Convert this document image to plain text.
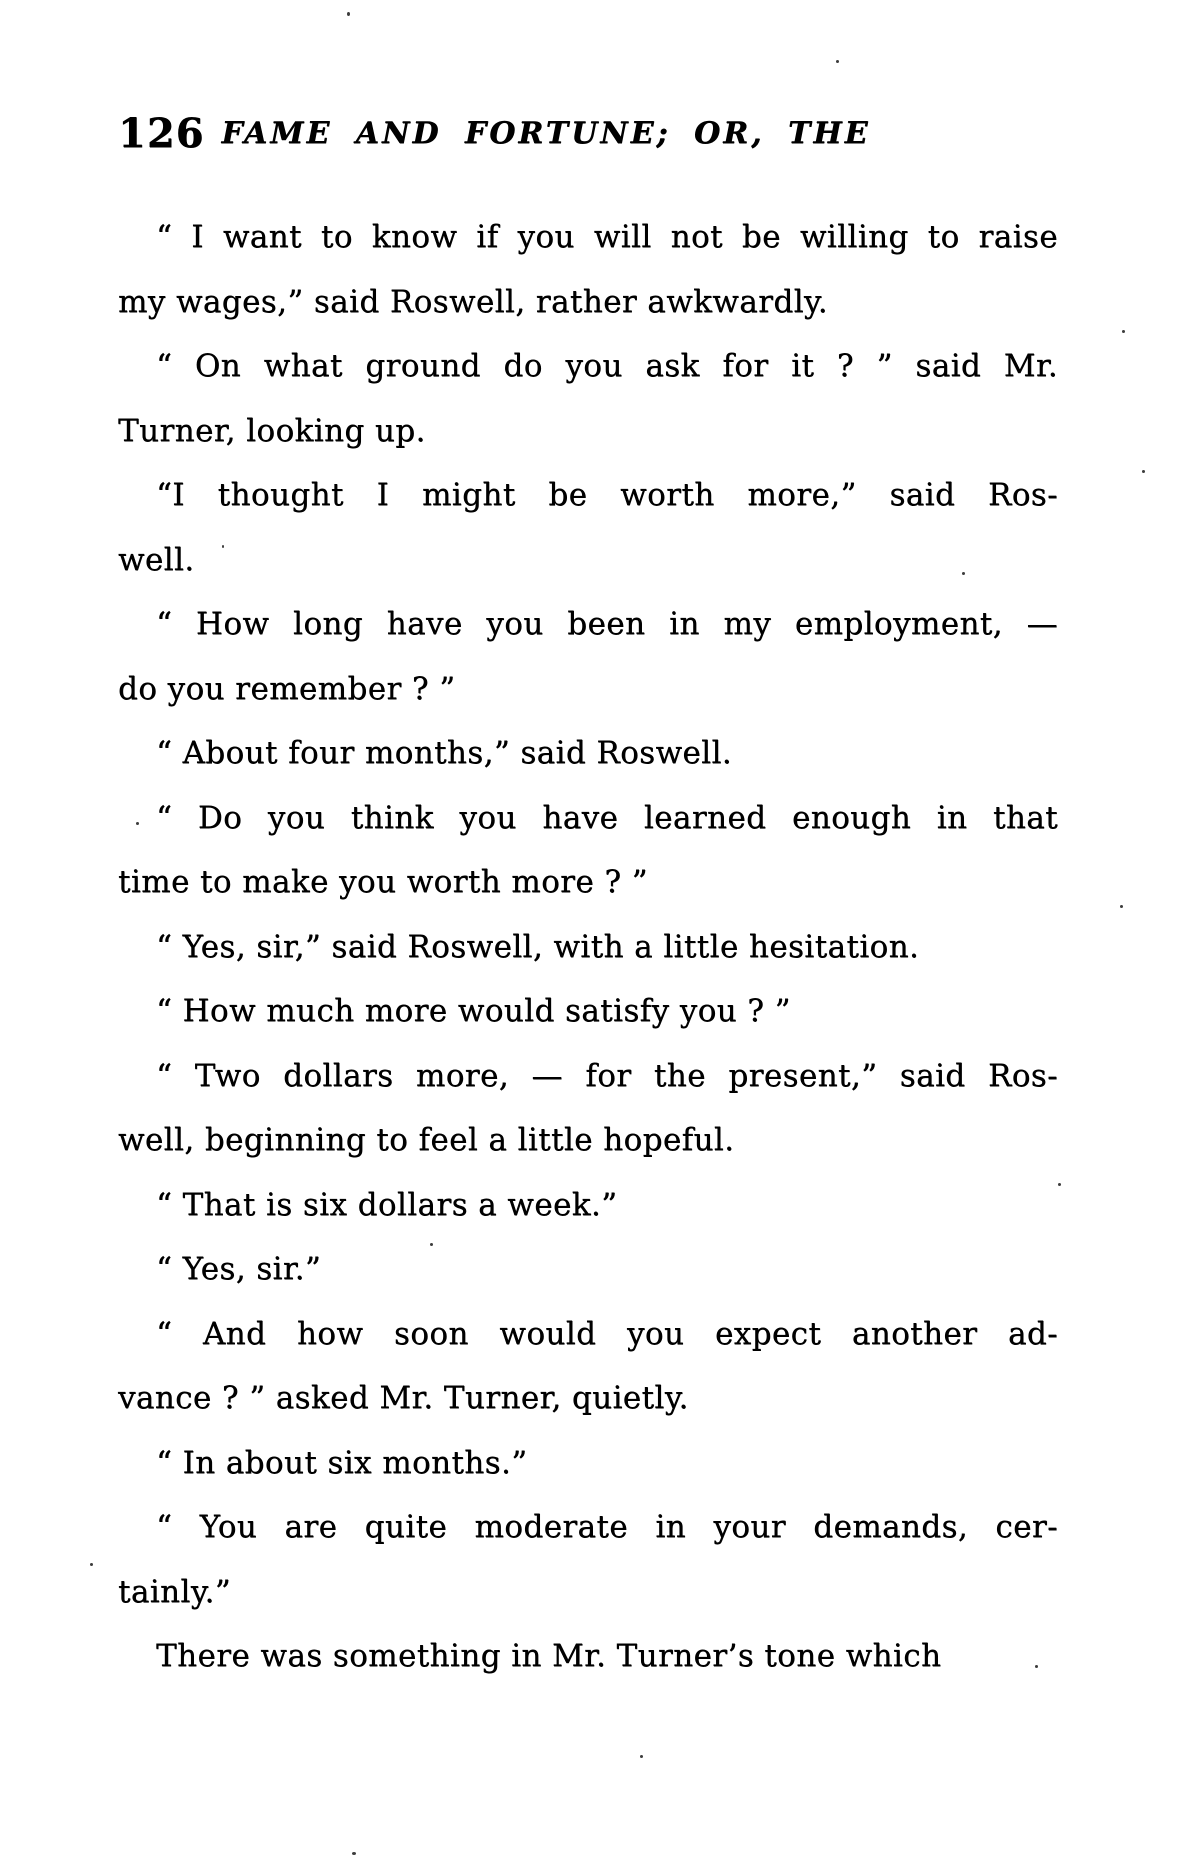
126 FAME AND FORTUNE; OR, THE
“ I want to know if you will not be willing to raise
my wages,” said Roswell, rather awkwardly.
“ On what ground do you ask for it ? ” said Mr.
Turner, looking up.
“I thought I might be worth more,” said Ros-
well.
“ How long have you been in my employment, —
do you remember ? ”
“ About four months,” said Roswell.
“ Do you think you have learned enough in that
time to make you worth more ? ”
“ Yes, sir,” said Roswell, with a little hesitation.
“ How much more would satisfy you ? ”
“ Two dollars more, — for the present,” said Ros-
well, beginning to feel a little hopeful.
“ That is six dollars a week.”
“ Yes, sir.”
“ And how soon would you expect another ad-
vance ? ” asked Mr. Turner, quietly.
“ In about six months.”
“ You are quite moderate in your demands, cer-
tainly.”
There was something in Mr. Turner’s tone which
